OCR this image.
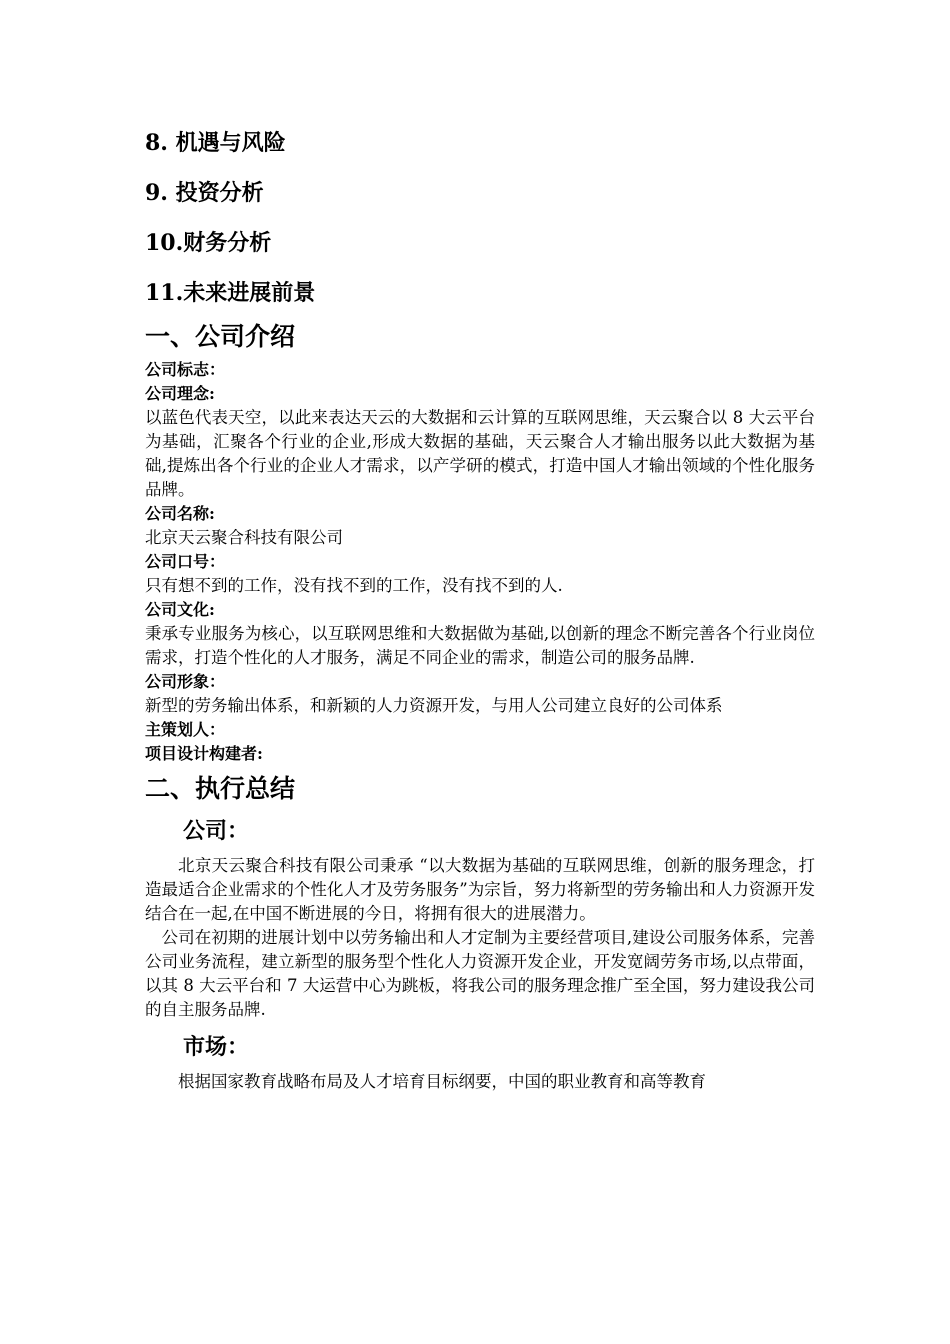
8. 机遇与风险

9. 投资分析

10.财务分析

11.未来进展前景

一、公司介绍

公司标志：

公司理念:

以蓝色代表天空，以此来表达天云的大数据和云计算的互联网思维，天云聚合以 8 大云平台为基础，汇聚各个行业的企业,形成大数据的基础，天云聚合人才输出服务以此大数据为基础,提炼出各个行业的企业人才需求，以产学研的模式，打造中国人才输出领域的个性化服务品牌。

公司名称:

北京天云聚合科技有限公司

公司口号：

只有想不到的工作，没有找不到的工作，没有找不到的人.

公司文化:

秉承专业服务为核心，以互联网思维和大数据做为基础,以创新的理念不断完善各个行业岗位需求，打造个性化的人才服务，满足不同企业的需求，制造公司的服务品牌.

公司形象：

新型的劳务输出体系，和新颖的人力资源开发，与用人公司建立良好的公司体系

主策划人：

项目设计构建者:

二、执行总结
公司：

北京天云聚合科技有限公司秉承 “以大数据为基础的互联网思维，创新的服务理念，打造最适合企业需求的个性化人才及劳务服务”为宗旨，努力将新型的劳务输出和人力资源开发结合在一起,在中国不断进展的今日，将拥有很大的进展潜力。

公司在初期的进展计划中以劳务输出和人才定制为主要经营项目,建设公司服务体系，完善公司业务流程，建立新型的服务型个性化人力资源开发企业，开发宽阔劳务市场,以点带面，以其 8 大云平台和 7 大运营中心为跳板，将我公司的服务理念推广至全国，努力建设我公司的自主服务品牌.

市场：

根据国家教育战略布局及人才培育目标纲要，中国的职业教育和高等教育
